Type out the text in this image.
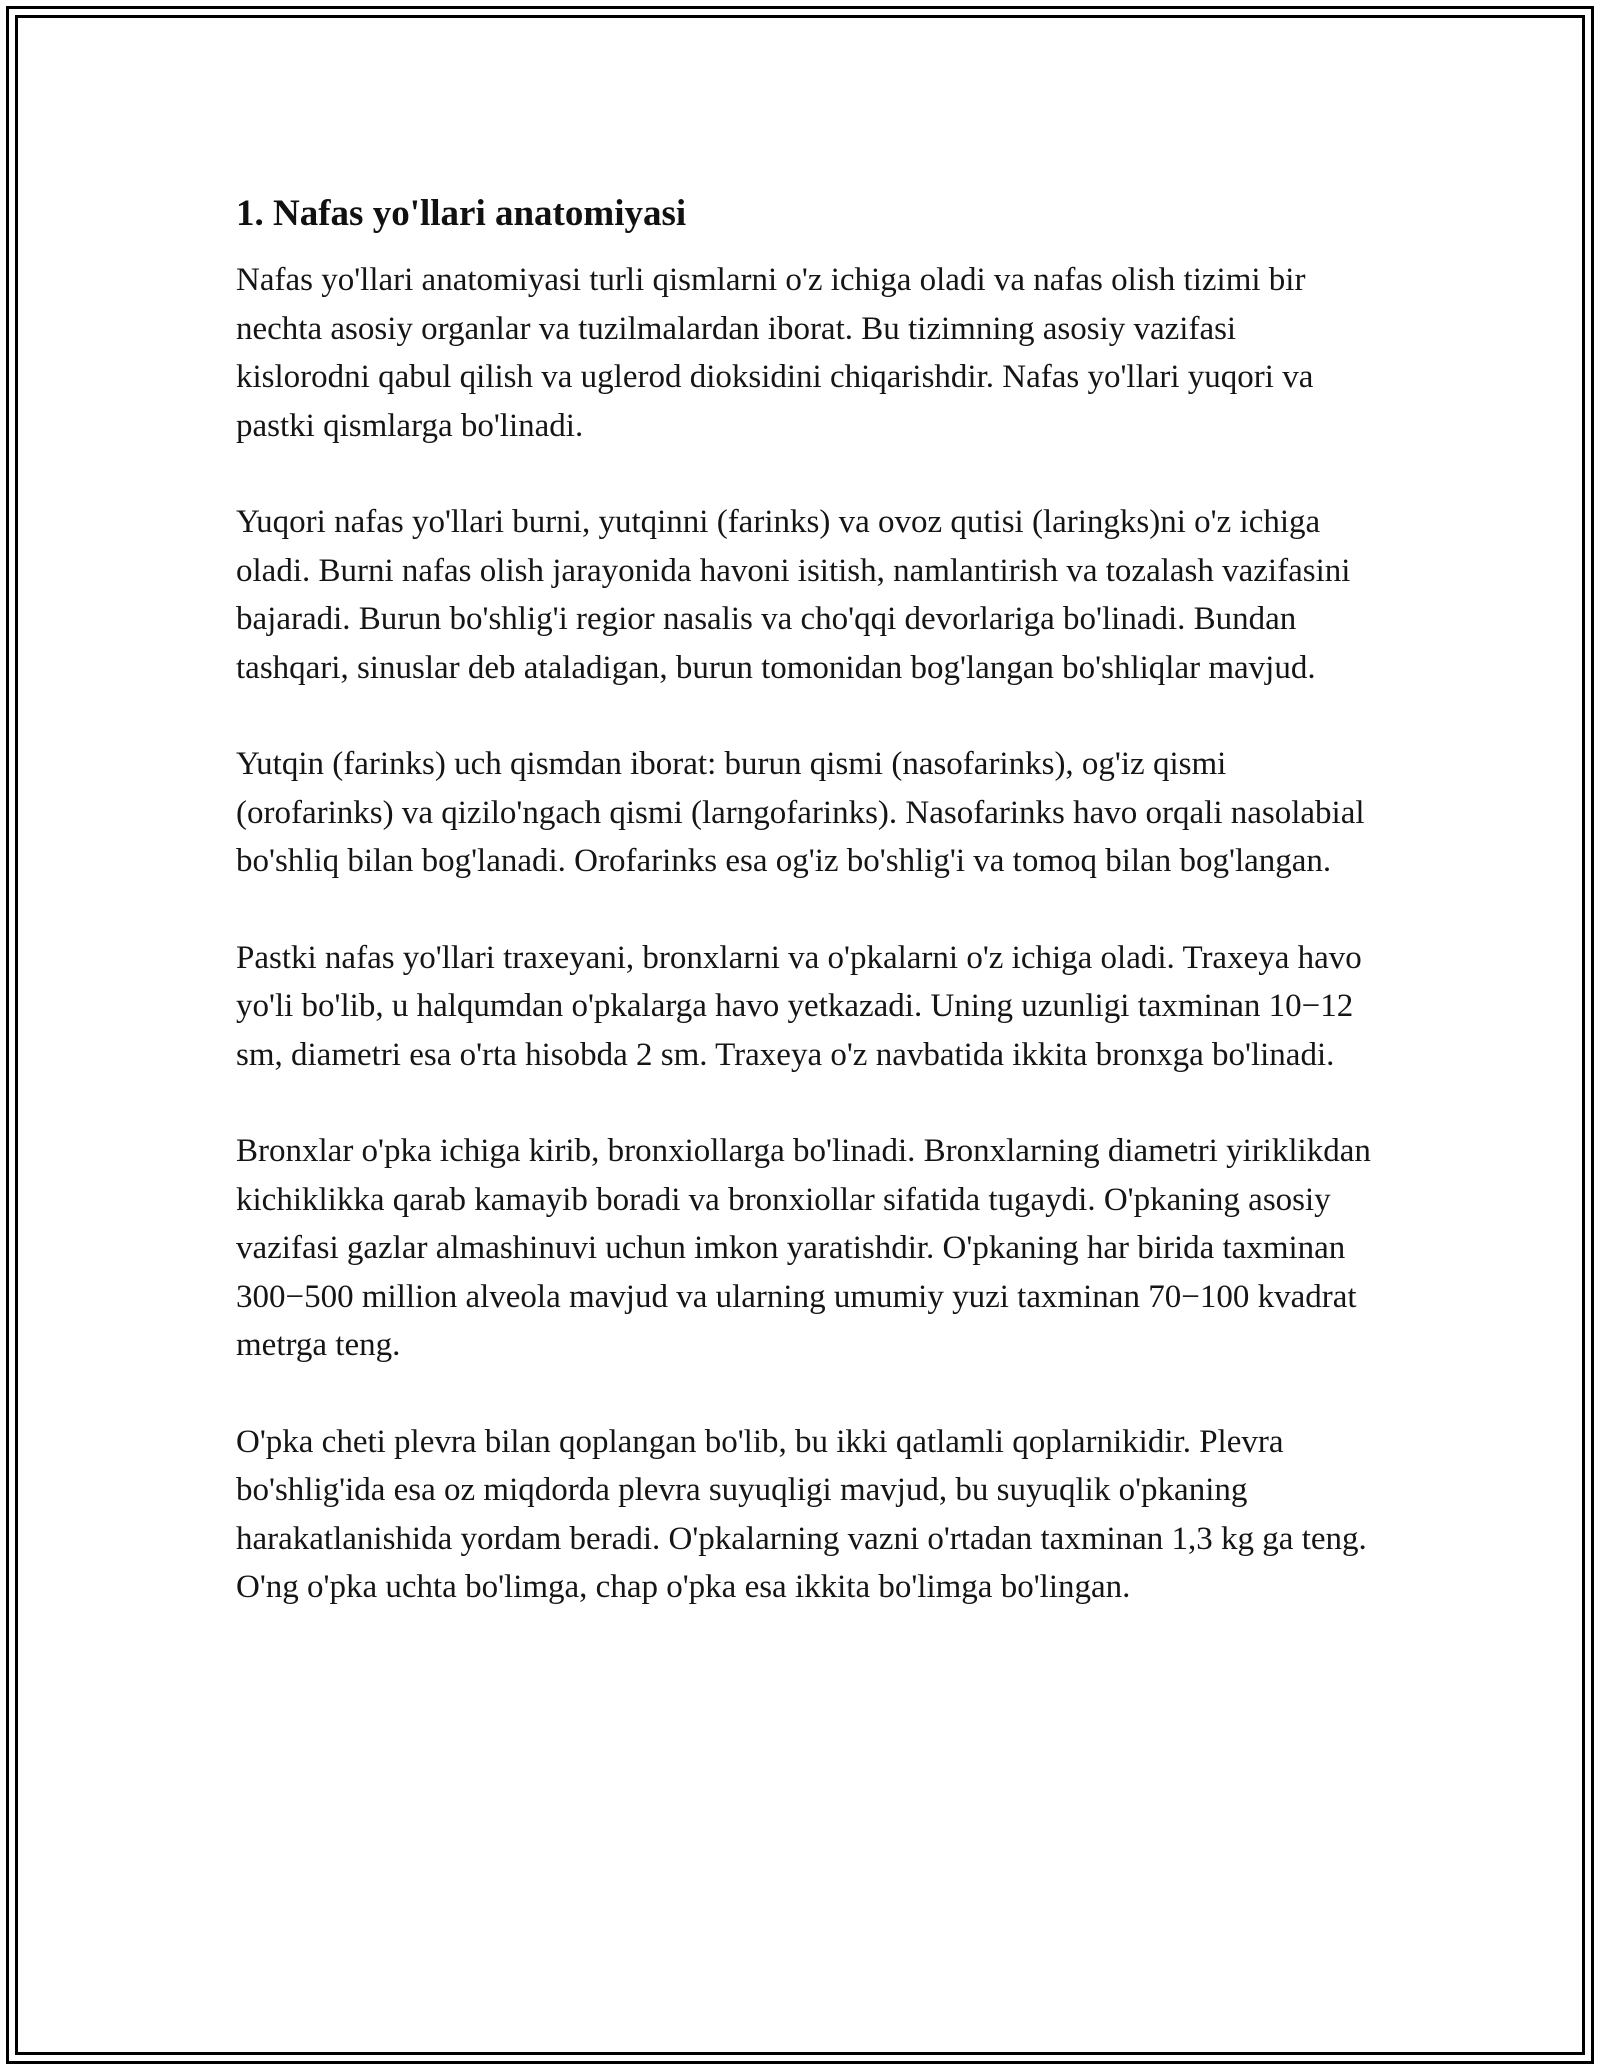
1. Nafas yo'llari anatomiyasi

Nafas yo'llari anatomiyasi turli qismlarni o'z ichiga oladi va nafas olish tizimi bir nechta asosiy organlar va tuzilmalardan iborat. Bu tizimning asosiy vazifasi kislorodni qabul qilish va uglerod dioksidini chiqarishdir. Nafas yo'llari yuqori va pastki qismlarga bo'linadi.

Yuqori nafas yo'llari burni, yutqinni (farinks) va ovoz qutisi (laringks)ni o'z ichiga oladi. Burni nafas olish jarayonida havoni isitish, namlantirish va tozalash vazifasini bajaradi. Burun bo'shlig'i regior nasalis va cho'qqi devorlariga bo'linadi. Bundan tashqari, sinuslar deb ataladigan, burun tomonidan bog'langan bo'shliqlar mavjud.

Yutqin (farinks) uch qismdan iborat: burun qismi (nasofarinks), og'iz qismi (orofarinks) va qizilo'ngach qismi (larngofarinks). Nasofarinks havo orqali nasolabial bo'shliq bilan bog'lanadi. Orofarinks esa og'iz bo'shlig'i va tomoq bilan bog'langan.

Pastki nafas yo'llari traxeyani, bronxlarni va o'pkalarni o'z ichiga oladi. Traxeya havo yo'li bo'lib, u halqumdan o'pkalarga havo yetkazadi. Uning uzunligi taxminan 10−12 sm, diametri esa o'rta hisobda 2 sm. Traxeya o'z navbatida ikkita bronxga bo'linadi.

Bronxlar o'pka ichiga kirib, bronxiollarga bo'linadi. Bronxlarning diametri yiriklikdan kichiklikka qarab kamayib boradi va bronxiollar sifatida tugaydi. O'pkaning asosiy vazifasi gazlar almashinuvi uchun imkon yaratishdir. O'pkaning har birida taxminan 300−500 million alveola mavjud va ularning umumiy yuzi taxminan 70−100 kvadrat metrga teng.

O'pka cheti plevra bilan qoplangan bo'lib, bu ikki qatlamli qoplarnikidir. Plevra bo'shlig'ida esa oz miqdorda plevra suyuqligi mavjud, bu suyuqlik o'pkaning harakatlanishida yordam beradi. O'pkalarning vazni o'rtadan taxminan 1,3 kg ga teng. O'ng o'pka uchta bo'limga, chap o'pka esa ikkita bo'limga bo'lingan.
